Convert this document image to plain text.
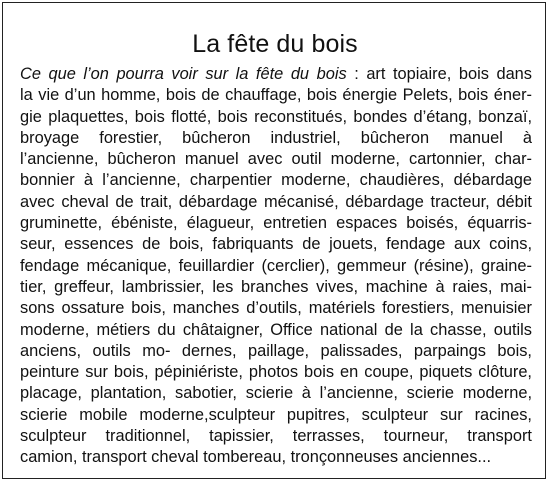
La fête du bois
Ce que l’on pourra voir sur la fête du bois : art topiaire, bois dans
la vie d’un homme, bois de chauffage, bois énergie Pelets, bois éner-
gie plaquettes, bois flotté, bois reconstitués, bondes d’étang, bonzaï,
broyage forestier, bûcheron industriel, bûcheron manuel à
l’ancienne, bûcheron manuel avec outil moderne, cartonnier, char-
bonnier à l’ancienne, charpentier moderne, chaudières, débardage
avec cheval de trait, débardage mécanisé, débardage tracteur, débit
gruminette, ébéniste, élagueur, entretien espaces boisés, équarris-
seur, essences de bois, fabriquants de jouets, fendage aux coins,
fendage mécanique, feuillardier (cerclier), gemmeur (résine), graine-
tier, greffeur, lambrissier, les branches vives, machine à raies, mai-
sons ossature bois, manches d’outils, matériels forestiers, menuisier
moderne, métiers du châtaigner, Office national de la chasse, outils
anciens, outils mo- dernes, paillage, palissades, parpaings bois,
peinture sur bois, pépiniériste, photos bois en coupe, piquets clôture,
placage, plantation, sabotier, scierie à l’ancienne, scierie moderne,
scierie mobile moderne,sculpteur pupitres, sculpteur sur racines,
sculpteur traditionnel, tapissier, terrasses, tourneur, transport
camion, transport cheval tombereau, tronçonneuses anciennes...
